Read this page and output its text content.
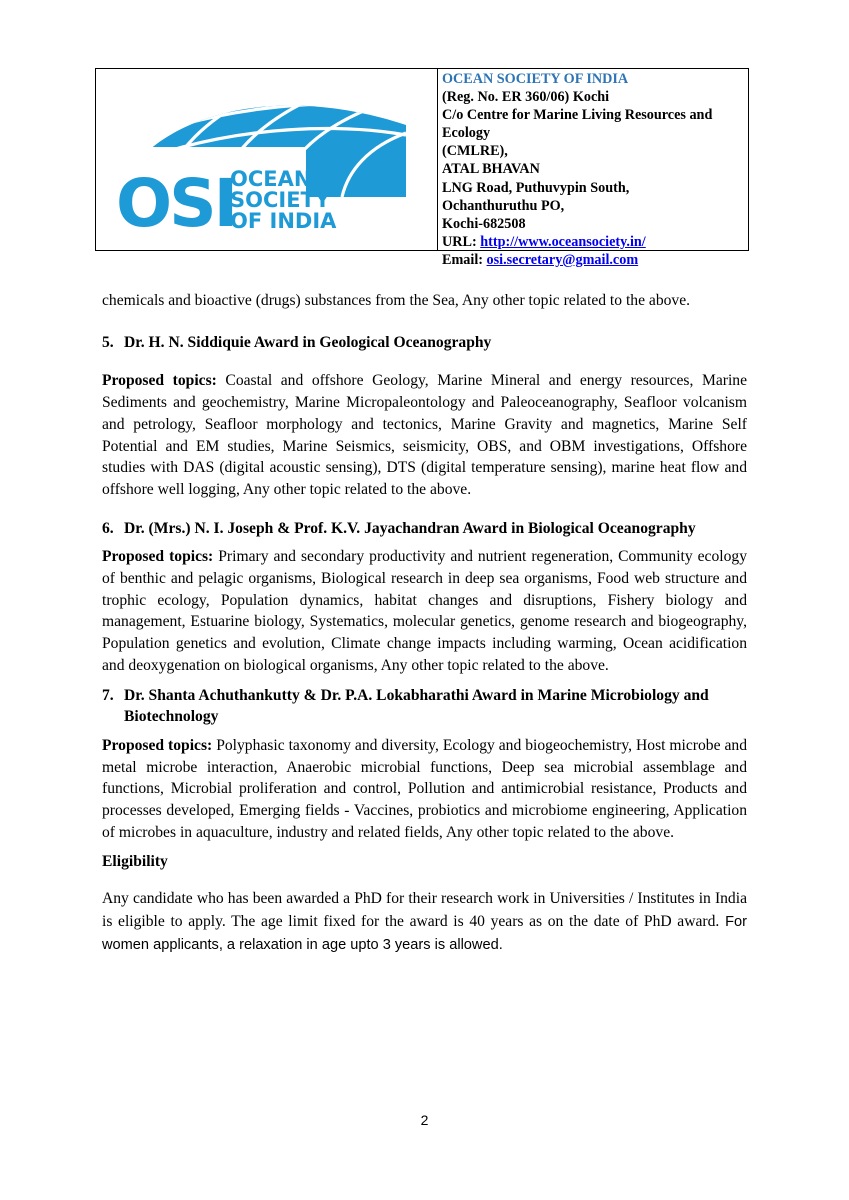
OSI
OCEAN
SOCIETY
OF INDIA
OCEAN SOCIETY OF INDIA
(Reg. No. ER 360/06) Kochi
C/o Centre for Marine Living Resources and Ecology
(CMLRE),
ATAL BHAVAN
LNG Road, Puthuvypin South,
Ochanthuruthu PO,
Kochi-682508
URL: http://www.oceansociety.in/
Email: osi.secretary@gmail.com

chemicals and bioactive (drugs) substances from the Sea, Any other topic related to the above.

5. Dr. H. N. Siddiquie Award in Geological Oceanography

Proposed topics: Coastal and offshore Geology, Marine Mineral and energy resources, Marine Sediments and geochemistry, Marine Micropaleontology and Paleoceanography, Seafloor volcanism and petrology, Seafloor morphology and tectonics, Marine Gravity and magnetics, Marine Self Potential and EM studies, Marine Seismics, seismicity, OBS, and OBM investigations, Offshore studies with DAS (digital acoustic sensing), DTS (digital temperature sensing), marine heat flow and offshore well logging, Any other topic related to the above.

6. Dr. (Mrs.) N. I. Joseph & Prof. K.V. Jayachandran Award in Biological Oceanography

Proposed topics: Primary and secondary productivity and nutrient regeneration, Community ecology of benthic and pelagic organisms, Biological research in deep sea organisms, Food web structure and trophic ecology, Population dynamics, habitat changes and disruptions, Fishery biology and management, Estuarine biology, Systematics, molecular genetics, genome research and biogeography, Population genetics and evolution, Climate change impacts including warming, Ocean acidification and deoxygenation on biological organisms, Any other topic related to the above.

7. Dr. Shanta Achuthankutty & Dr. P.A. Lokabharathi Award in Marine Microbiology and Biotechnology

Proposed topics: Polyphasic taxonomy and diversity, Ecology and biogeochemistry, Host microbe and metal microbe interaction, Anaerobic microbial functions, Deep sea microbial assemblage and functions, Microbial proliferation and control, Pollution and antimicrobial resistance, Products and processes developed, Emerging fields - Vaccines, probiotics and microbiome engineering, Application of microbes in aquaculture, industry and related fields, Any other topic related to the above.

Eligibility

Any candidate who has been awarded a PhD for their research work in Universities / Institutes in India is eligible to apply. The age limit fixed for the award is 40 years as on the date of PhD award. For women applicants, a relaxation in age upto 3 years is allowed.

2
